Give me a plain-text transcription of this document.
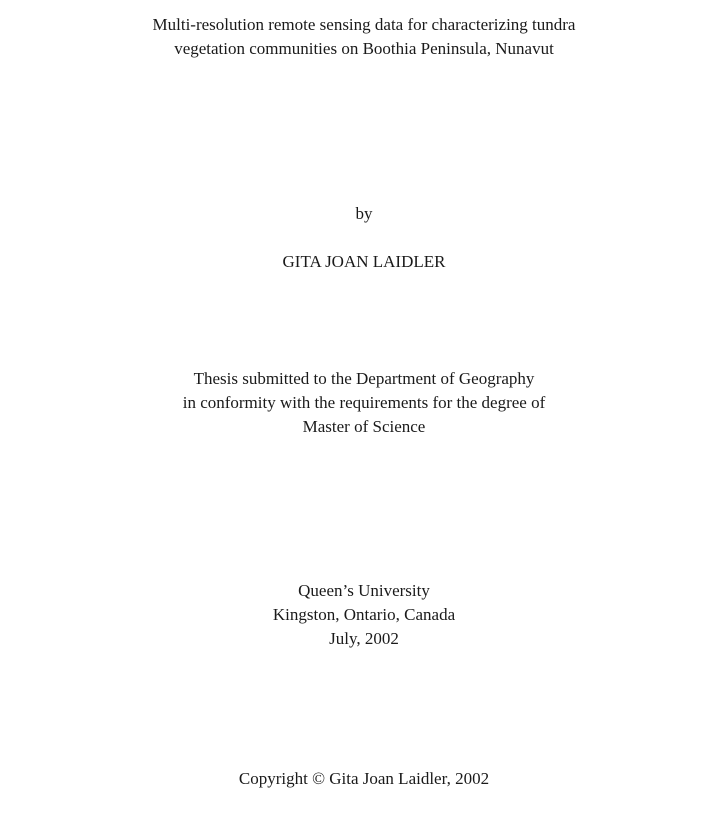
Multi-resolution remote sensing data for characterizing tundra
vegetation communities on Boothia Peninsula, Nunavut
by
GITA JOAN LAIDLER
Thesis submitted to the Department of Geography
in conformity with the requirements for the degree of
Master of Science
Queen’s University
Kingston, Ontario, Canada
July, 2002
Copyright © Gita Joan Laidler, 2002
